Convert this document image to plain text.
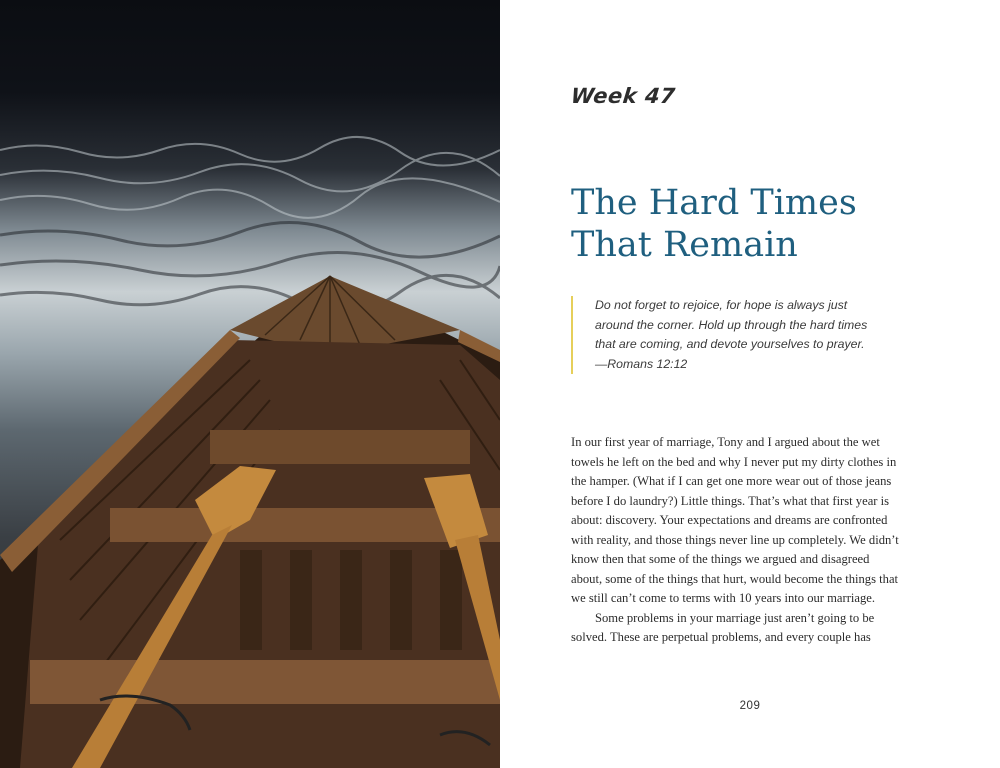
Week 47
The Hard Times
That Remain
Do not forget to rejoice, for hope is always just
around the corner. Hold up through the hard times
that are coming, and devote yourselves to prayer.
—Romans 12:12
In our first year of marriage, Tony and I argued about the wet
towels he left on the bed and why I never put my dirty clothes in
the hamper. (What if I can get one more wear out of those jeans
before I do laundry?) Little things. That’s what that first year is
about: discovery. Your expectations and dreams are confronted
with reality, and those things never line up completely. We didn’t
know then that some of the things we argued and disagreed
about, some of the things that hurt, would become the things that
we still can’t come to terms with 10 years into our marriage.
Some problems in your marriage just aren’t going to be
solved. These are perpetual problems, and every couple has
209
